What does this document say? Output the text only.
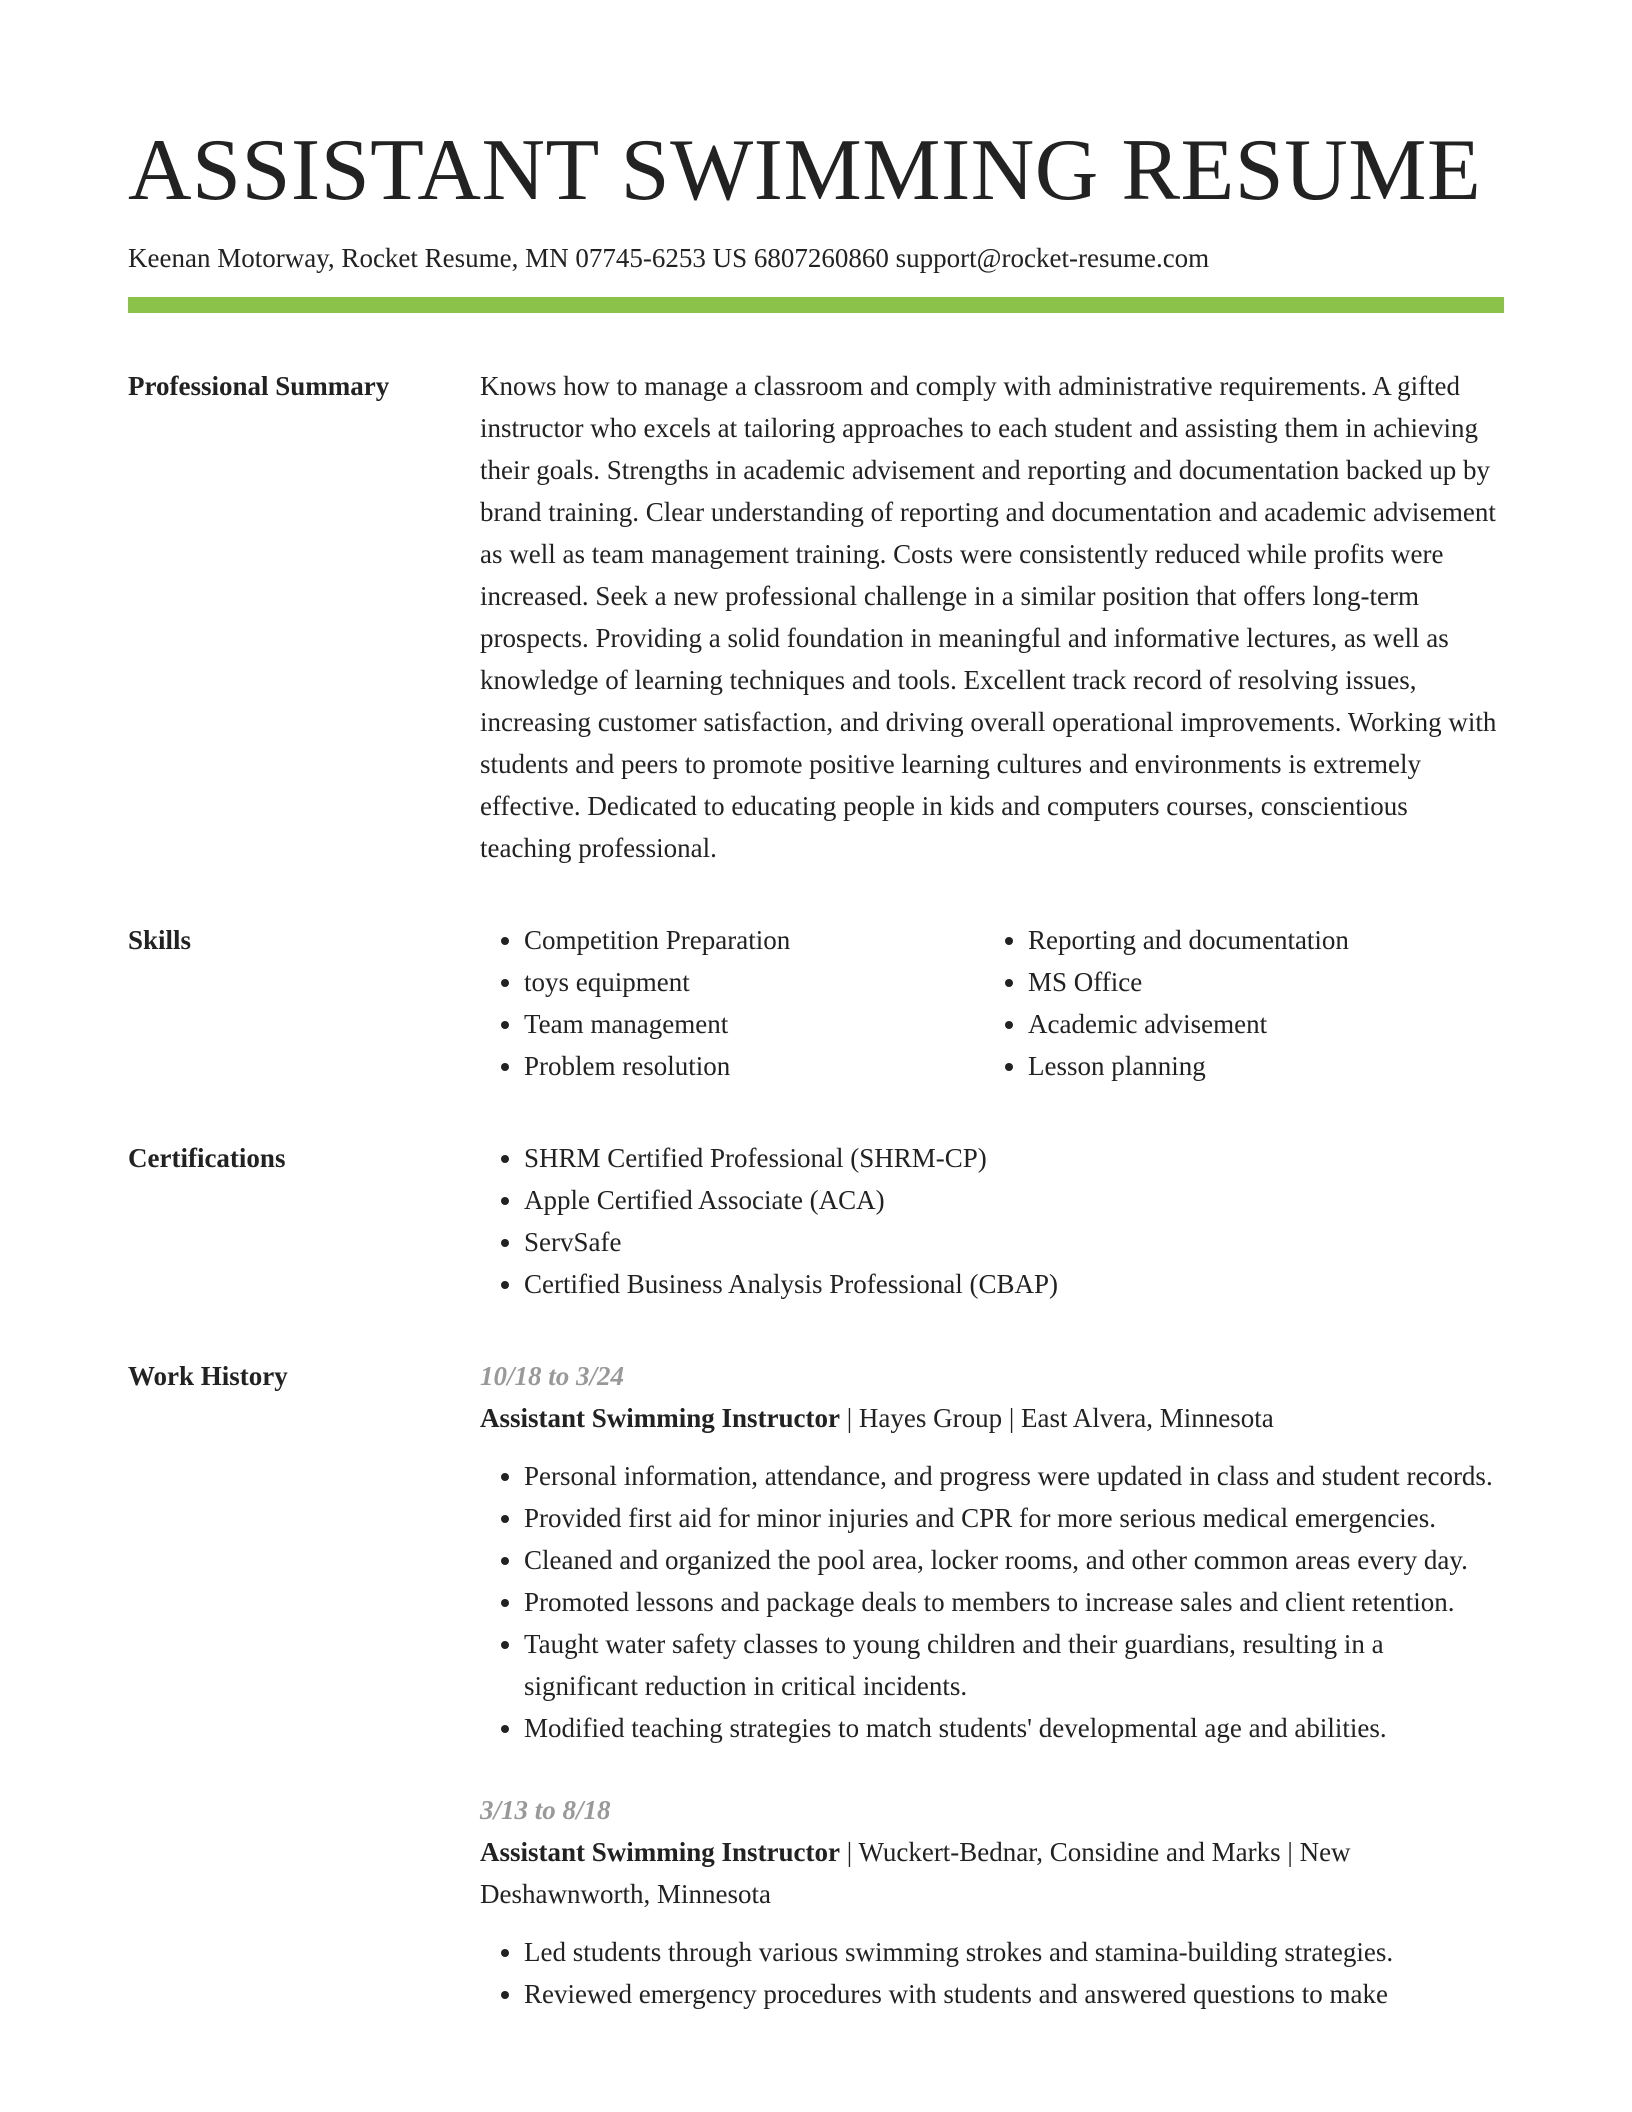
ASSISTANT SWIMMING RESUME
Keenan Motorway, Rocket Resume, MN 07745-6253 US 6807260860 support@rocket-resume.com
Professional Summary	Knows how to manage a classroom and comply with administrative requirements. A gifted instructor who excels at tailoring approaches to each student and assisting them in achieving their goals. Strengths in academic advisement and reporting and documentation backed up by brand training. Clear understanding of reporting and documentation and academic advisement as well as team management training. Costs were consistently reduced while profits were increased. Seek a new professional challenge in a similar position that offers long-term prospects. Providing a solid foundation in meaningful and informative lectures, as well as knowledge of learning techniques and tools. Excellent track record of resolving issues, increasing customer satisfaction, and driving overall operational improvements. Working with students and peers to promote positive learning cultures and environments is extremely effective. Dedicated to educating people in kids and computers courses, conscientious teaching professional.

Skills	• Competition Preparation
• toys equipment
• Team management
• Problem resolution
• Reporting and documentation
• MS Office
• Academic advisement
• Lesson planning
Certifications	• SHRM Certified Professional (SHRM-CP)
• Apple Certified Associate (ACA)
• ServSafe
• Certified Business Analysis Professional (CBAP)
Work History	10/18 to 3/24
Assistant Swimming Instructor | Hayes Group | East Alvera, Minnesota
• Personal information, attendance, and progress were updated in class and student records.
• Provided first aid for minor injuries and CPR for more serious medical emergencies.
• Cleaned and organized the pool area, locker rooms, and other common areas every day.
• Promoted lessons and package deals to members to increase sales and client retention.
• Taught water safety classes to young children and their guardians, resulting in a significant reduction in critical incidents.
• Modified teaching strategies to match students' developmental age and abilities.
3/13 to 8/18
Assistant Swimming Instructor | Wuckert-Bednar, Considine and Marks | New Deshawnworth, Minnesota
• Led students through various swimming strokes and stamina-building strategies.
• Reviewed emergency procedures with students and answered questions to make
